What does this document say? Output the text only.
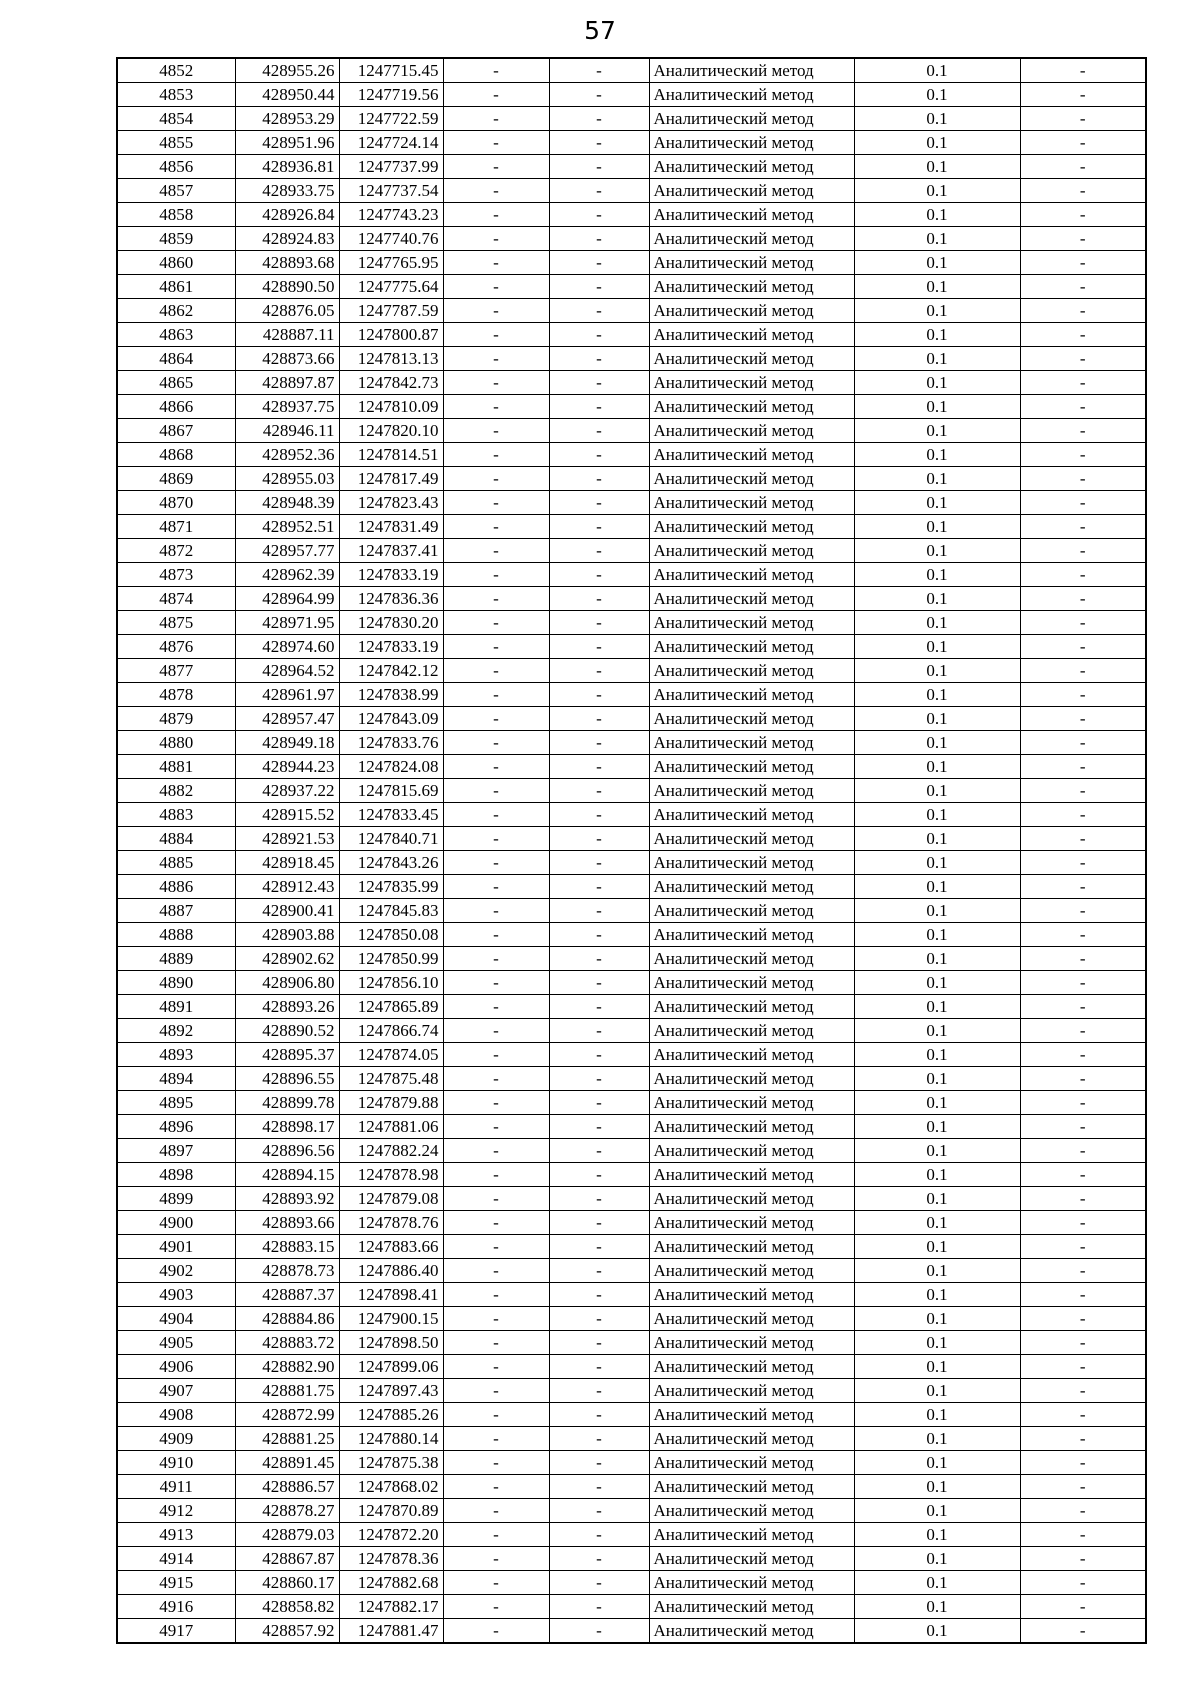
57
4852	428955.26	1247715.45	-	-	Аналитический метод	0.1	-
4853	428950.44	1247719.56	-	-	Аналитический метод	0.1	-
4854	428953.29	1247722.59	-	-	Аналитический метод	0.1	-
4855	428951.96	1247724.14	-	-	Аналитический метод	0.1	-
4856	428936.81	1247737.99	-	-	Аналитический метод	0.1	-
4857	428933.75	1247737.54	-	-	Аналитический метод	0.1	-
4858	428926.84	1247743.23	-	-	Аналитический метод	0.1	-
4859	428924.83	1247740.76	-	-	Аналитический метод	0.1	-
4860	428893.68	1247765.95	-	-	Аналитический метод	0.1	-
4861	428890.50	1247775.64	-	-	Аналитический метод	0.1	-
4862	428876.05	1247787.59	-	-	Аналитический метод	0.1	-
4863	428887.11	1247800.87	-	-	Аналитический метод	0.1	-
4864	428873.66	1247813.13	-	-	Аналитический метод	0.1	-
4865	428897.87	1247842.73	-	-	Аналитический метод	0.1	-
4866	428937.75	1247810.09	-	-	Аналитический метод	0.1	-
4867	428946.11	1247820.10	-	-	Аналитический метод	0.1	-
4868	428952.36	1247814.51	-	-	Аналитический метод	0.1	-
4869	428955.03	1247817.49	-	-	Аналитический метод	0.1	-
4870	428948.39	1247823.43	-	-	Аналитический метод	0.1	-
4871	428952.51	1247831.49	-	-	Аналитический метод	0.1	-
4872	428957.77	1247837.41	-	-	Аналитический метод	0.1	-
4873	428962.39	1247833.19	-	-	Аналитический метод	0.1	-
4874	428964.99	1247836.36	-	-	Аналитический метод	0.1	-
4875	428971.95	1247830.20	-	-	Аналитический метод	0.1	-
4876	428974.60	1247833.19	-	-	Аналитический метод	0.1	-
4877	428964.52	1247842.12	-	-	Аналитический метод	0.1	-
4878	428961.97	1247838.99	-	-	Аналитический метод	0.1	-
4879	428957.47	1247843.09	-	-	Аналитический метод	0.1	-
4880	428949.18	1247833.76	-	-	Аналитический метод	0.1	-
4881	428944.23	1247824.08	-	-	Аналитический метод	0.1	-
4882	428937.22	1247815.69	-	-	Аналитический метод	0.1	-
4883	428915.52	1247833.45	-	-	Аналитический метод	0.1	-
4884	428921.53	1247840.71	-	-	Аналитический метод	0.1	-
4885	428918.45	1247843.26	-	-	Аналитический метод	0.1	-
4886	428912.43	1247835.99	-	-	Аналитический метод	0.1	-
4887	428900.41	1247845.83	-	-	Аналитический метод	0.1	-
4888	428903.88	1247850.08	-	-	Аналитический метод	0.1	-
4889	428902.62	1247850.99	-	-	Аналитический метод	0.1	-
4890	428906.80	1247856.10	-	-	Аналитический метод	0.1	-
4891	428893.26	1247865.89	-	-	Аналитический метод	0.1	-
4892	428890.52	1247866.74	-	-	Аналитический метод	0.1	-
4893	428895.37	1247874.05	-	-	Аналитический метод	0.1	-
4894	428896.55	1247875.48	-	-	Аналитический метод	0.1	-
4895	428899.78	1247879.88	-	-	Аналитический метод	0.1	-
4896	428898.17	1247881.06	-	-	Аналитический метод	0.1	-
4897	428896.56	1247882.24	-	-	Аналитический метод	0.1	-
4898	428894.15	1247878.98	-	-	Аналитический метод	0.1	-
4899	428893.92	1247879.08	-	-	Аналитический метод	0.1	-
4900	428893.66	1247878.76	-	-	Аналитический метод	0.1	-
4901	428883.15	1247883.66	-	-	Аналитический метод	0.1	-
4902	428878.73	1247886.40	-	-	Аналитический метод	0.1	-
4903	428887.37	1247898.41	-	-	Аналитический метод	0.1	-
4904	428884.86	1247900.15	-	-	Аналитический метод	0.1	-
4905	428883.72	1247898.50	-	-	Аналитический метод	0.1	-
4906	428882.90	1247899.06	-	-	Аналитический метод	0.1	-
4907	428881.75	1247897.43	-	-	Аналитический метод	0.1	-
4908	428872.99	1247885.26	-	-	Аналитический метод	0.1	-
4909	428881.25	1247880.14	-	-	Аналитический метод	0.1	-
4910	428891.45	1247875.38	-	-	Аналитический метод	0.1	-
4911	428886.57	1247868.02	-	-	Аналитический метод	0.1	-
4912	428878.27	1247870.89	-	-	Аналитический метод	0.1	-
4913	428879.03	1247872.20	-	-	Аналитический метод	0.1	-
4914	428867.87	1247878.36	-	-	Аналитический метод	0.1	-
4915	428860.17	1247882.68	-	-	Аналитический метод	0.1	-
4916	428858.82	1247882.17	-	-	Аналитический метод	0.1	-
4917	428857.92	1247881.47	-	-	Аналитический метод	0.1	-
